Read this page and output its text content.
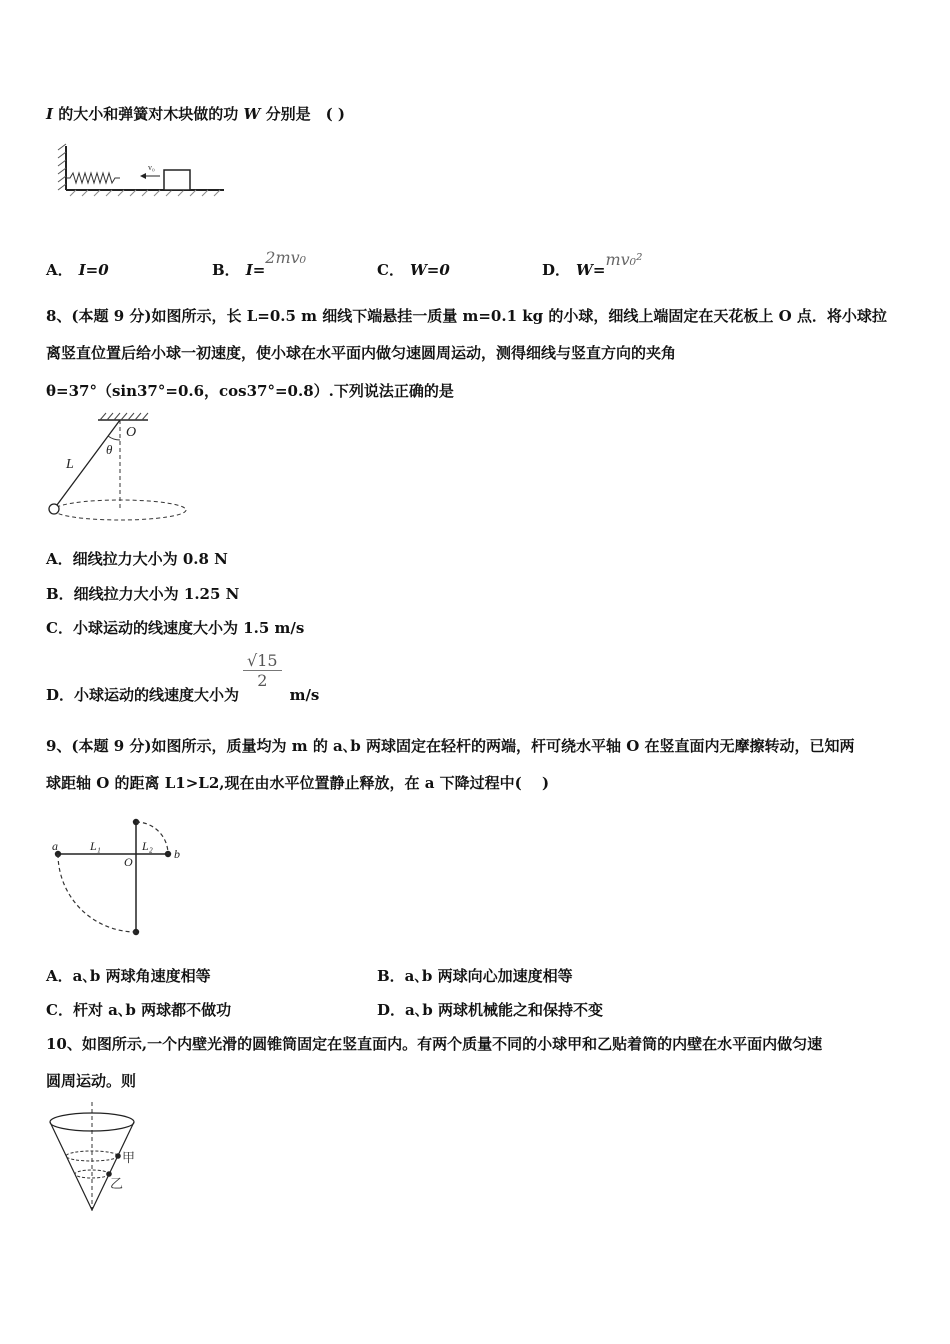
I 的大小和弹簧对木块做的功 W 分别是　( )
v₀
A． I=0	B． I=2mv₀
C． W=0	D． W=mv₀²
8、(本题 9 分)如图所示，长 L=0.5 m 细线下端悬挂一质量 m=0.1 kg 的小球，细线上端固定在天花板上 O 点．将小球拉
离竖直位置后给小球一初速度，使小球在水平面内做匀速圆周运动，测得细线与竖直方向的夹角
θ=37°（sin37°=0.6，cos37°=0.8）.下列说法正确的是
O
θ
L
A．细线拉力大小为 0.8 N
B．细线拉力大小为 1.25 N
C．小球运动的线速度大小为 1.5 m/s
D．小球运动的线速度大小为
$\frac{√15}{2}$
m/s
9、(本题 9 分)如图所示，质量均为 m 的 a､b 两球固定在轻杆的两端，杆可绕水平轴 O 在竖直面内无摩擦转动，已知两
球距轴 O 的距离 L1>L2,现在由水平位置静止释放，在 a 下降过程中(　 )
a	L₁
O
L₂
b
A．a､b 两球角速度相等	B．a､b 两球向心加速度相等
C．杆对 a､b 两球都不做功	D．a､b 两球机械能之和保持不变
10、如图所示,一个内壁光滑的圆锥筒固定在竖直面内。有两个质量不同的小球甲和乙贴着筒的内壁在水平面内做匀速
圆周运动。则
甲
乙
